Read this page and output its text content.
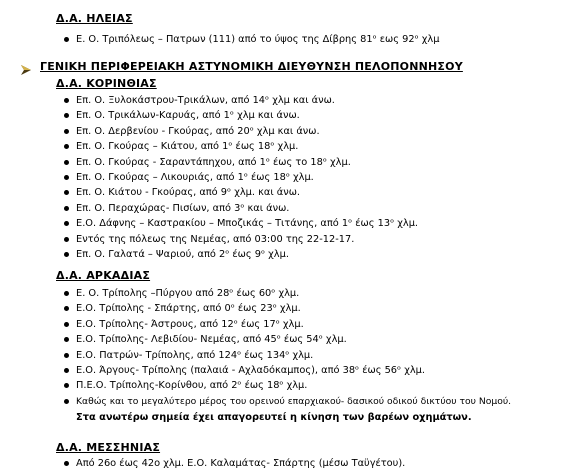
Δ.Α. ΗΛΕΙΑΣ
Ε. Ο. Τριπόλεως – Πατρων (111) από το ύψος της Δίβρης 81ᵒ εως 92ᵒ χλμ
ΓΕΝΙΚΗ ΠΕΡΙΦΕΡΕΙΑΚΗ ΑΣΤΥΝΟΜΙΚΗ ΔΙΕΥΘΥΝΣΗ ΠΕΛΟΠΟΝΝΗΣΟΥ
Δ.Α. ΚΟΡΙΝΘΙΑΣ
Επ. Ο. Ξυλοκάστρου-Τρικάλων, από 14ᵒ χλμ και άνω.
Επ. Ο. Τρικάλων-Καρυάς, από 1ᵒ χλμ και άνω.
Επ. Ο. Δερβενίου - Γκούρας, από 20ᵒ χλμ και άνω.
Επ. Ο. Γκούρας – Κιάτου, από 1ᵒ έως 18ᵒ χλμ.
Επ. Ο. Γκούρας - Σαραντάπηχου, από 1ᵒ έως το 18ᵒ χλμ.
Επ. Ο. Γκούρας – Λικουριάς, από 1ᵒ έως 18ᵒ χλμ.
Επ. Ο. Κιάτου - Γκούρας, από 9ᵒ χλμ. και άνω.
Επ. Ο. Περαχώρας- Πισίων, από 3ᵒ και άνω.
Ε.Ο. Δάφνης – Καστρακίου – Μποζικάς – Τιτάνης, από 1ᵒ έως 13ᵒ χλμ.
Εντός της πόλεως της Νεμέας, από 03:00 της 22-12-17.
Επ. Ο. Γαλατά – Ψαριού, από 2ᵒ έως 9ᵒ χλμ.
Δ.Α. ΑΡΚΑΔΙΑΣ
Ε. Ο. Τρίπολης –Πύργου από 28ᵒ έως 60ᵒ χλμ.
Ε.Ο. Τρίπολης - Σπάρτης, από 0ᵒ έως 23ᵒ χλμ.
Ε.Ο. Τρίπολης- Άστρους, από 12ᵒ έως 17ᵒ χλμ.
Ε.Ο. Τρίπολης- Λεβιδίου- Νεμέας, από 45ᵒ έως 54ᵒ χλμ.
Ε.Ο. Πατρών- Τρίπολης, από 124ᵒ έως 134ᵒ χλμ.
Ε.Ο. Άργους- Τρίπολης (παλαιά - Αχλαδόκαμπος), από 38ᵒ έως 56ᵒ χλμ.
Π.Ε.Ο. Τρίπολης-Κορίνθου, από 2ᵒ έως 18ᵒ χλμ.
Καθώς και το μεγαλύτερο μέρος του ορεινού επαρχιακού- δασικού οδικού δικτύου του Νομού.
Στα ανωτέρω σημεία έχει απαγορευτεί η κίνηση των βαρέων οχημάτων.
Δ.Α. ΜΕΣΣΗΝΙΑΣ
Από 26ο έως 42ο χλμ. Ε.Ο. Καλαμάτας- Σπάρτης (μέσω Ταϋγέτου).
